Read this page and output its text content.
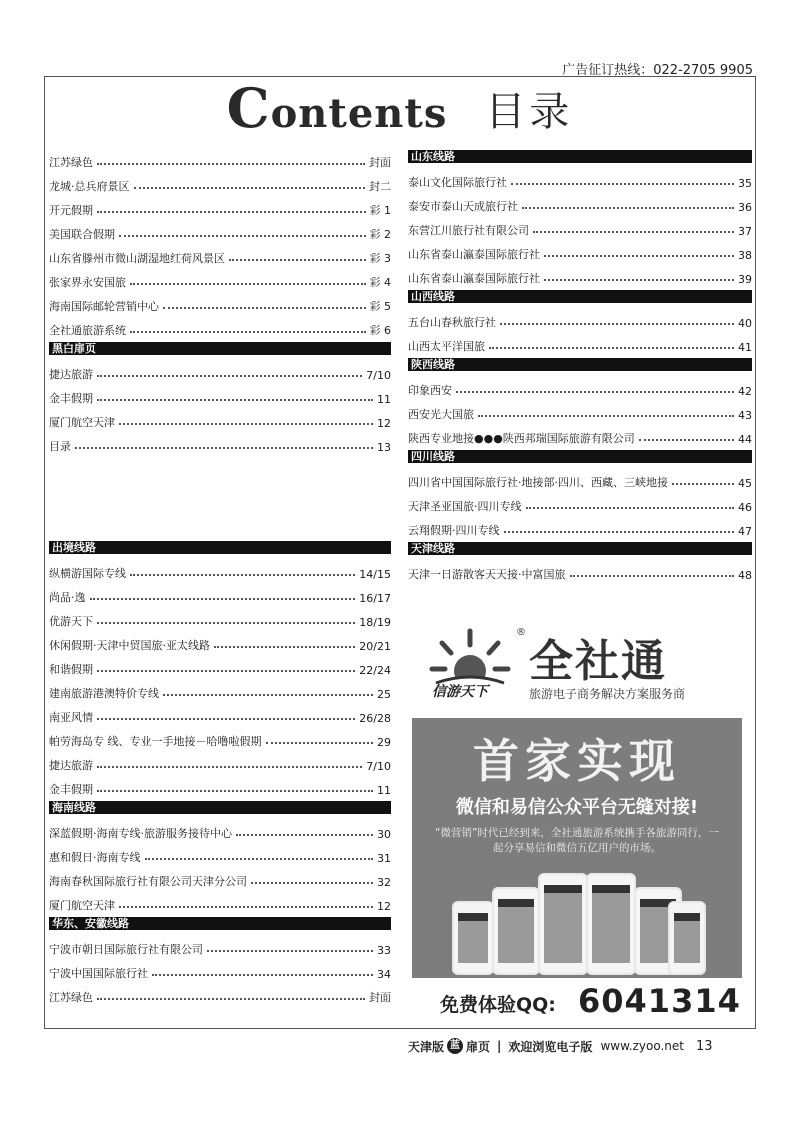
广告征订热线：022-2705 9905
Contents 目录
江苏绿色	封面
龙城·总兵府景区	封二
开元假期	彩 1
美国联合假期	彩 2
山东省滕州市微山湖湿地红荷风景区	彩 3
张家界永安国旅	彩 4
海南国际邮轮营销中心	彩 5
全社通旅游系统	彩 6
黑白扉页
捷达旅游	7/10
金丰假期	11
厦门航空天津	12
目录	13
出境线路
纵横游国际专线	14/15
尚品·逸	16/17
优游天下	18/19
休闲假期·天津中贸国旅·亚太线路	20/21
和谐假期	22/24
建南旅游港澳特价专线	25
南亚风情	26/28
帕劳海岛专 线、专业一手地接－哈噜啦假期	29
捷达旅游	7/10
金丰假期	11
海南线路
深蓝假期·海南专线·旅游服务接待中心	30
惠和假日·海南专线	31
海南春秋国际旅行社有限公司天津分公司	32
厦门航空天津	12
华东、安徽线路
宁波市朝日国际旅行社有限公司	33
宁波中国国际旅行社	34
江苏绿色	封面
山东线路
泰山文化国际旅行社	35
泰安市泰山天成旅行社	36
东营江川旅行社有限公司	37
山东省泰山瀛泰国际旅行社	38
山东省泰山瀛泰国际旅行社	39
山西线路
五台山春秋旅行社	40
山西太平洋国旅	41
陕西线路
印象西安	42
西安光大国旅	43
陕西专业地接●●●陕西邦瑞国际旅游有限公司	44
四川线路
四川省中国国际旅行社·地接部·四川、西藏、三峡地接	45
天津圣亚国旅·四川专线	46
云翔假期·四川专线	47
天津线路
天津一日游散客天天接·中富国旅	48
®
信游天下
全社通
旅游电子商务解决方案服务商
首家实现
微信和易信公众平台无缝对接!
“微营销”时代已经到来，全社通旅游系统携手各旅游同行，一起分享易信和微信五亿用户的市场。
免费体验QQ: 6041314
天津版 蓝 扉页 | 欢迎浏览电子版 www.zyoo.net 13
